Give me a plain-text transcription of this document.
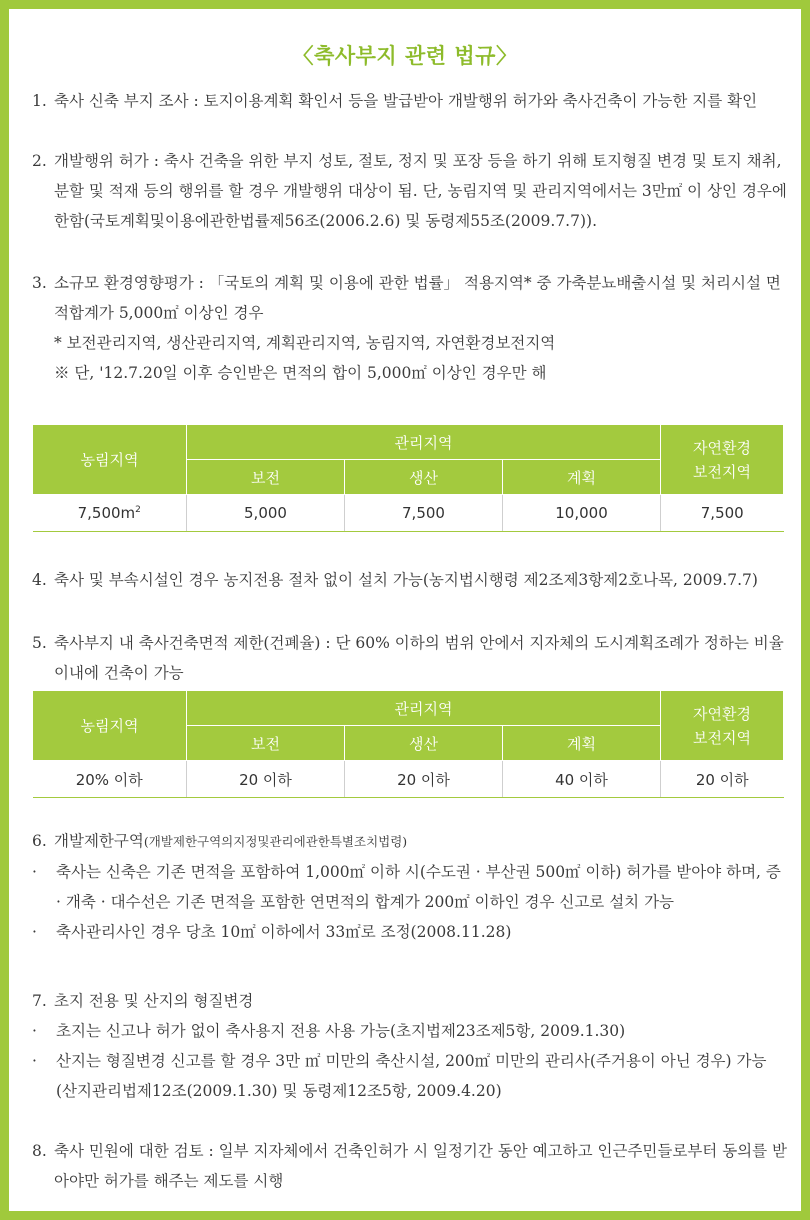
〈축사부지 관련 법규〉
1. 축사 신축 부지 조사 : 토지이용계획 확인서 등을 발급받아 개발행위 허가와 축사건축이 가능한 지를 확인
2. 개발행위 허가 : 축사 건축을 위한 부지 성토, 절토, 정지 및 포장 등을 하기 위해 토지형질 변경 및 토지 채취, 분할 및 적재 등의 행위를 할 경우 개발행위 대상이 됨. 단, 농림지역 및 관리지역에서는 3만㎡ 이 상인 경우에 한함(국토계획및이용에관한법률제56조(2006.2.6) 및 동령제55조(2009.7.7)).
3. 소규모 환경영향평가 : 「국토의 계획 및 이용에 관한 법률」 적용지역* 중 가축분뇨배출시설 및 처리시설 면적합계가 5,000㎡ 이상인 경우

* 보전관리지역, 생산관리지역, 계획관리지역, 농림지역, 자연환경보전지역

※ 단, '12.7.20일 이후 승인받은 면적의 합이 5,000㎡ 이상인 경우만 해

농림지역	관리지역			자연환경
보전지역
	보전	생산	계획	
$7,500m^2$	5,000	7,500	10,000	7,500
4. 축사 및 부속시설인 경우 농지전용 절차 없이 설치 가능(농지법시행령 제2조제3항제2호나목, 2009.7.7)
5. 축사부지 내 축사건축면적 제한(건폐율) : 단 60% 이하의 범위 안에서 지자체의 도시계획조례가 정하는 비율 이내에 건축이 가능
농림지역	관리지역			자연환경
보전지역
	보전	생산	계획	
20% 이하	20 이하	20 이하	40 이하	20 이하
6. 개발제한구역(개발제한구역의지정및관리에관한특별조치법령)
·	축사는 신축은 기존 면적을 포함하여 1,000㎡ 이하 시(수도권 · 부산권 500㎡ 이하) 허가를 받아야 하며, 증 · 개축 · 대수선은 기존 면적을 포함한 연면적의 합계가 200㎡ 이하인 경우 신고로 설치 가능
·	축사관리사인 경우 당초 10㎡ 이하에서 33㎡로 조정(2008.11.28)
7. 초지 전용 및 산지의 형질변경
·	초지는 신고나 허가 없이 축사용지 전용 사용 가능(초지법제23조제5항, 2009.1.30)
·	산지는 형질변경 신고를 할 경우 3만 ㎡ 미만의 축산시설, 200㎡ 미만의 관리사(주거용이 아닌 경우) 가능(산지관리법제12조(2009.1.30) 및 동령제12조5항, 2009.4.20)
8. 축사 민원에 대한 검토 : 일부 지자체에서 건축인허가 시 일정기간 동안 예고하고 인근주민들로부터 동의를 받아야만 허가를 해주는 제도를 시행
